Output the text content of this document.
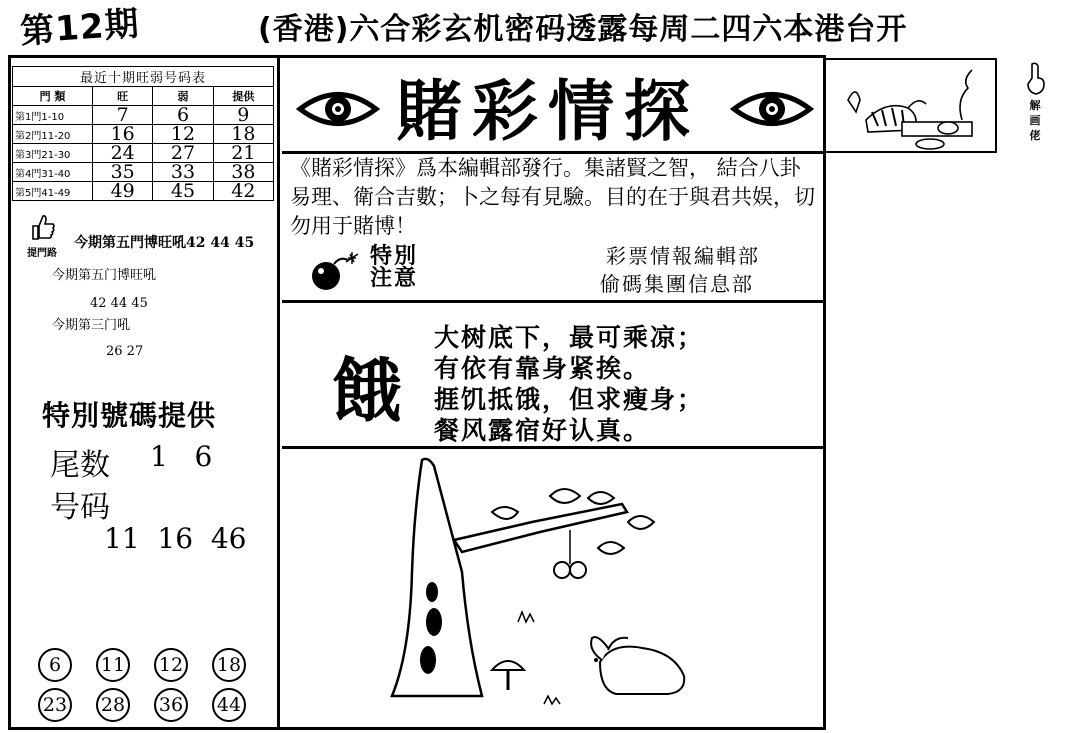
第12期	(香港)六合彩玄机密码透露每周二四六本港台开
最近十期旺弱号码表			
門 類	旺	弱	提供
第1門1-10	7	6	9
第2門11-20	16	12	18
第3門21-30	24	27	21
第4門31-40	35	33	38
第5門41-49	49	45	42
提門路
今期第五門博旺吼42 44 45
今期第五门博旺吼
42 44 45
今期第三门吼
26 27
特別號碼提供
尾数 1   6
号码
11  16  46
6	11 12 18
23 28 36 44
賭彩情探
《賭彩情探》爲本編輯部發行。集諸賢之智， 結合八卦易理、衛合吉數；卜之每有見驗。目的在于與君共娱，切勿用于賭博！
特別注意
彩票情報編輯部
偷碼集團信息部
餓
大树底下，最可乘凉；
有依有靠身紧挨。
捱饥抵饿，但求瘦身；
餐风露宿好认真。
解画佬
